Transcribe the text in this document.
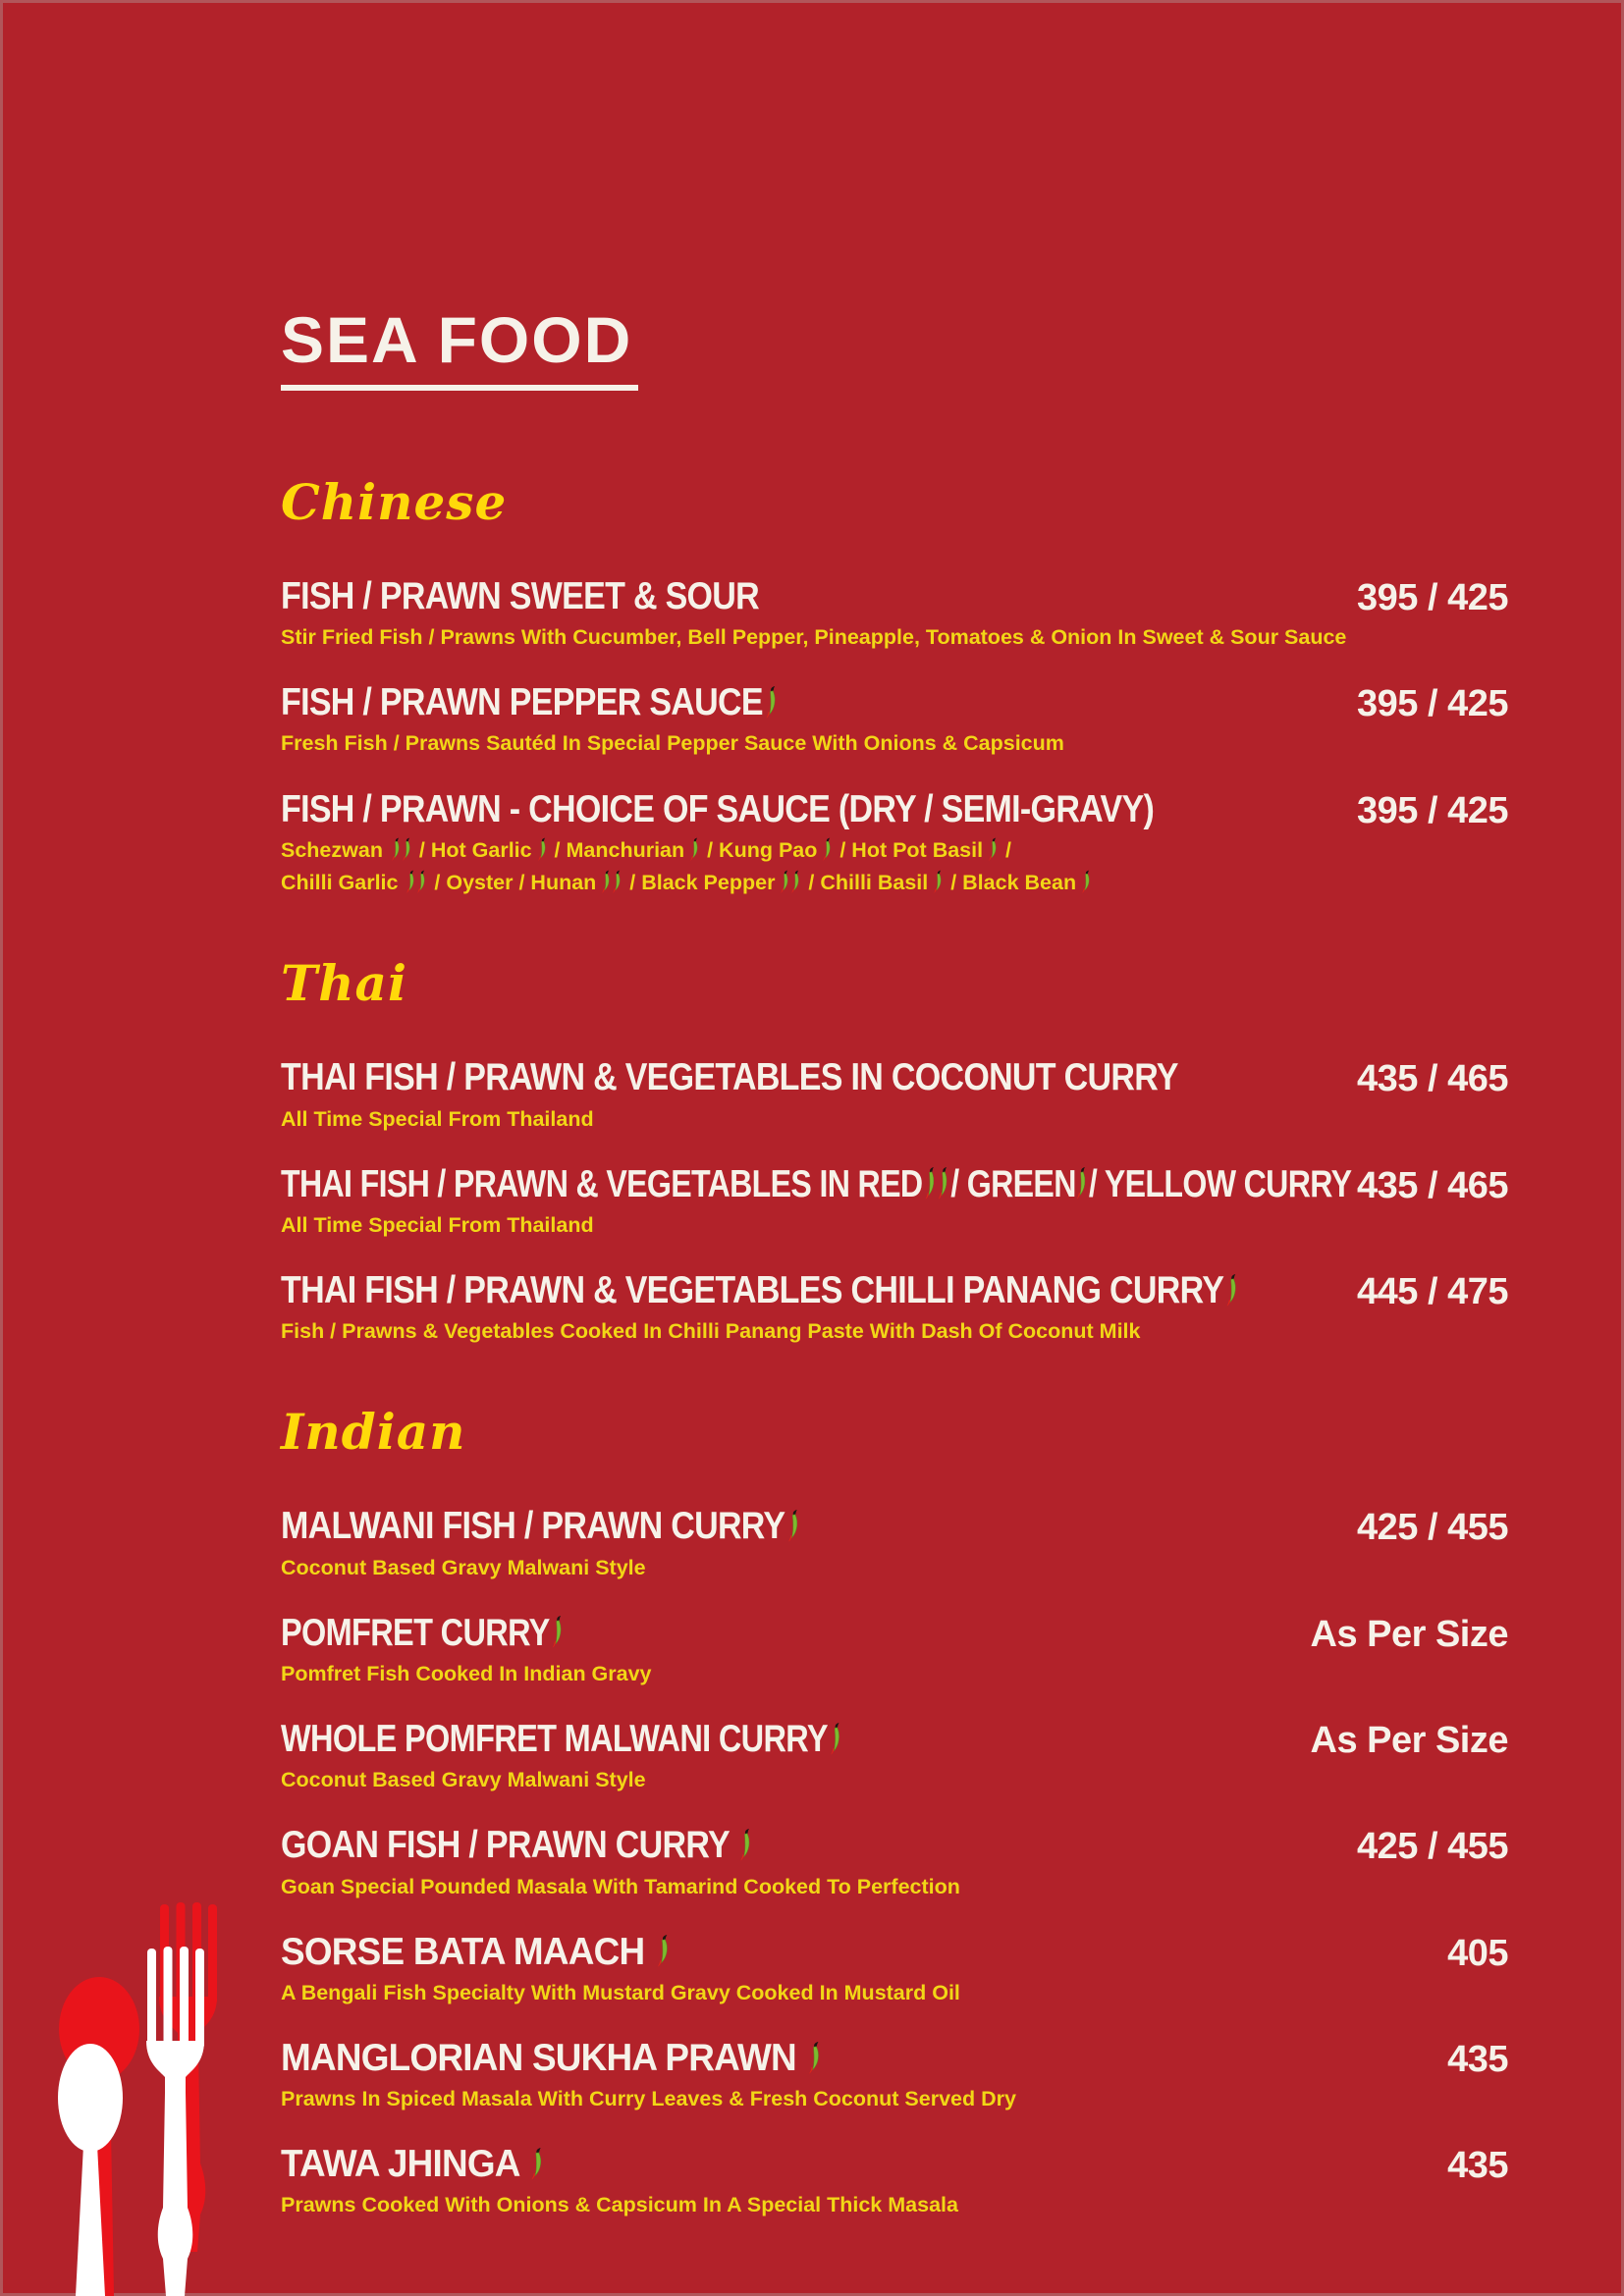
SEA FOOD
Chinese
FISH / PRAWN SWEET & SOUR	395 / 425
Stir Fried Fish / Prawns With Cucumber, Bell Pepper, Pineapple, Tomatoes & Onion In Sweet & Sour Sauce
FISH / PRAWN PEPPER SAUCE	395 / 425
Fresh Fish / Prawns Sautéd In Special Pepper Sauce With Onions & Capsicum
FISH / PRAWN - CHOICE OF SAUCE (DRY / SEMI-GRAVY)	395 / 425
Schezwan  / Hot Garlic  / Manchurian  / Kung Pao  / Hot Pot Basil  /
Chilli Garlic  / Oyster / Hunan  / Black Pepper  / Chilli Basil  / Black Bean
Thai
THAI FISH / PRAWN & VEGETABLES IN COCONUT CURRY	435 / 465
All Time Special From Thailand
THAI FISH / PRAWN & VEGETABLES IN RED / GREEN / YELLOW CURRY 435 / 465
All Time Special From Thailand
THAI FISH / PRAWN & VEGETABLES CHILLI PANANG CURRY	445 / 475
Fish / Prawns & Vegetables Cooked In Chilli Panang Paste With Dash Of Coconut Milk
Indian
MALWANI FISH / PRAWN CURRY	425 / 455
Coconut Based Gravy Malwani Style
POMFRET CURRY	As Per Size
Pomfret Fish Cooked In Indian Gravy
WHOLE POMFRET MALWANI CURRY	As Per Size
Coconut Based Gravy Malwani Style
GOAN FISH / PRAWN CURRY	425 / 455
Goan Special Pounded Masala With Tamarind Cooked To Perfection
SORSE BATA MAACH	405
A Bengali Fish Specialty With Mustard Gravy Cooked In Mustard Oil
MANGLORIAN SUKHA PRAWN	435
Prawns In Spiced Masala With Curry Leaves & Fresh Coconut Served Dry
TAWA JHINGA	435
Prawns Cooked With Onions & Capsicum In A Special Thick Masala
